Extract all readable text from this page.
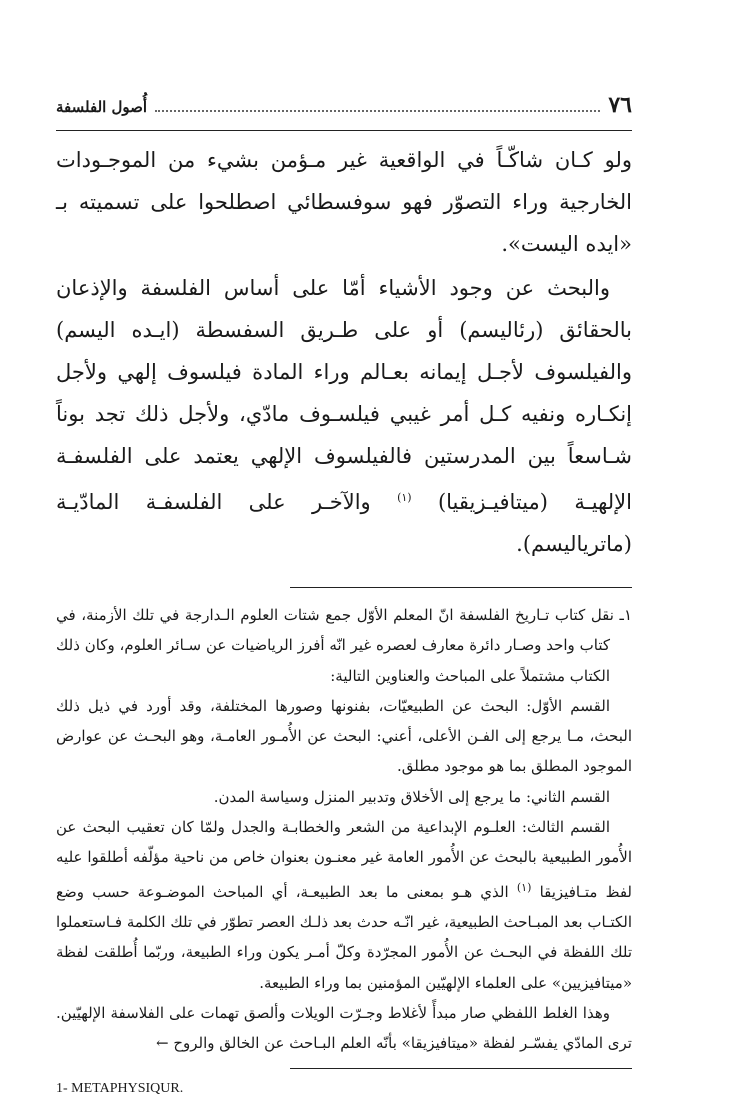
٧٦
أُصول الفلسفة

ولو كـان شاكّـاً في الواقعية غير مـؤمن بشيء من الموجـودات الخارجية وراء التصوّر فهو سوفسطائي اصطلحوا على تسميته بـ «ايده اليست».

والبحث عن وجود الأشياء أمّا على أساس الفلسفة والإذعان بالحقائق (رئاليسم) أو على طـريق السفسطة (ايـده اليسم) والفيلسوف لأجـل إيمانه بعـالم وراء المادة فيلسوف إلهي ولأجل إنكـاره ونفيه كـل أمر غيبي فيلسـوف مادّي، ولأجل ذلك تجد بوناً شـاسعاً بين المدرستين فالفيلسوف الإلهي يعتمد على الفلسفـة الإلهيـة (ميتافيـزيقيا) $^{(١)}$ والآخـر على الفلسفـة المادّيـة (ماترياليسم).

١ـ نقل كتاب تـاريخ الفلسفة انّ المعلم الأوّل جمع شتات العلوم الـدارجة في تلك الأزمنة، في كتاب واحد وصـار دائرة معارف لعصره غير انّه أفرز الرياضيات عن سـائر العلوم، وكان ذلك الكتاب مشتملاً على المباحث والعناوين التالية:

القسم الأوّل: البحث عن الطبيعيّات، بفنونها وصورها المختلفة، وقد أورد في ذيل ذلك البحث، مـا يرجع إلى الفـن الأعلى، أعني: البحث عن الأُمـور العامـة، وهو البحـث عن عوارض الموجود المطلق بما هو موجود مطلق.

القسم الثاني: ما يرجع إلى الأخلاق وتدبير المنزل وسياسة المدن.

القسم الثالث: العلـوم الإبداعية من الشعر والخطابـة والجدل ولمّا كان تعقيب البحث عن الأُمور الطبيعية بالبحث عن الأُمور العامة غير معنـون بعنوان خاص من ناحية مؤلّفه أطلقوا عليه لفظ متـافيزيقا $^{(١)}$ الذي هـو بمعنى ما بعد الطبيعـة، أي المباحث الموضـوعة حسب وضع الكتـاب بعد المبـاحث الطبيعية، غير انّـه حدث بعد ذلـك العصر تطوّر في تلك الكلمة فـاستعملوا تلك اللفظة في البحـث عن الأُمور المجرّدة وكلّ أمـر يكون وراء الطبيعة، وربّما أُطلقت لفظة «ميتافيزيين» على العلماء الإلهيّين المؤمنين بما وراء الطبيعة.

وهذا الغلط اللفظي صار مبدأً لأغلاط وجـرّت الويلات وألصق تهمات على الفلاسفة الإلهيّين. ترى المادّي يفسّـر لفظة «ميتافيزيقا» بأنّه العلم البـاحث عن الخالق والروح ←

1- METAPHYSIQUR.
